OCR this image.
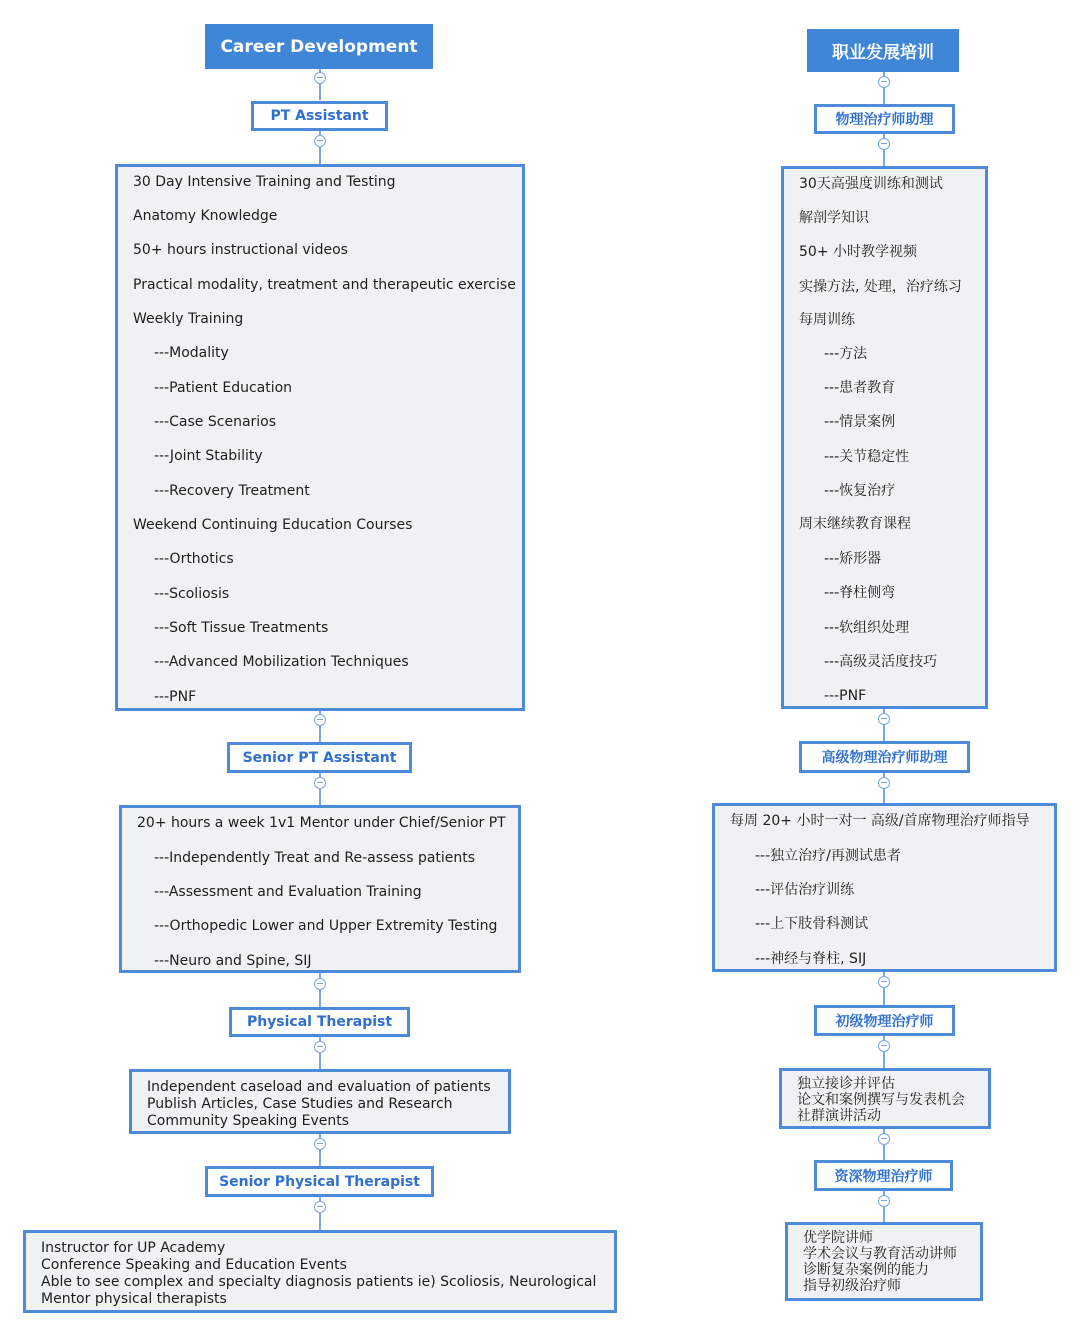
Career Development
PT Assistant
30 Day Intensive Training and Testing
Anatomy Knowledge
50+ hours instructional videos
Practical modality, treatment and therapeutic exercise
Weekly Training
---Modality
---Patient Education
---Case Scenarios
---Joint Stability
---Recovery Treatment
Weekend Continuing Education Courses
---Orthotics
---Scoliosis
---Soft Tissue Treatments
---Advanced Mobilization Techniques
---PNF
Senior PT Assistant
20+ hours a week 1v1 Mentor under Chief/Senior PT
---Independently Treat and Re-assess patients
---Assessment and Evaluation Training
---Orthopedic Lower and Upper Extremity Testing
---Neuro and Spine, SIJ
Physical Therapist
Independent caseload and evaluation of patients
Publish Articles, Case Studies and Research
Community Speaking Events
Senior Physical Therapist
Instructor for UP Academy
Conference Speaking and Education Events
Able to see complex and specialty diagnosis patients ie) Scoliosis, Neurological
Mentor physical therapists
职业发展培训
物理治疗师助理
30天高强度训练和测试
解剖学知识
50+ 小时教学视频
实操方法, 处理，治疗练习
每周训练
---方法
---患者教育
---情景案例
---关节稳定性
---恢复治疗
周末继续教育课程
---矫形器
---脊柱侧弯
---软组织处理
---高级灵活度技巧
---PNF
高级物理治疗师助理
每周 20+ 小时一对一 高级/首席物理治疗师指导
---独立治疗/再测试患者
---评估治疗训练
---上下肢骨科测试
---神经与脊柱, SIJ
初级物理治疗师
独立接诊并评估
论文和案例撰写与发表机会
社群演讲活动
资深物理治疗师
优学院讲师
学术会议与教育活动讲师
诊断复杂案例的能力
指导初级治疗师
